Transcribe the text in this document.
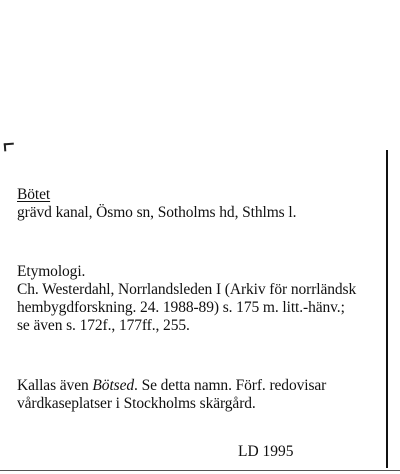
Bötet
grävd kanal, Ösmo sn, Sotholms hd, Sthlms l.
Etymologi.
Ch. Westerdahl, Norrlandsleden I (Arkiv för norrländsk
hembygdforskning. 24. 1988-89) s. 175 m. litt.-hänv.;
se även s. 172f., 177ff., 255.
Kallas även Bötsed. Se detta namn. Förf. redovisar
vårdkaseplatser i Stockholms skärgård.
LD 1995
